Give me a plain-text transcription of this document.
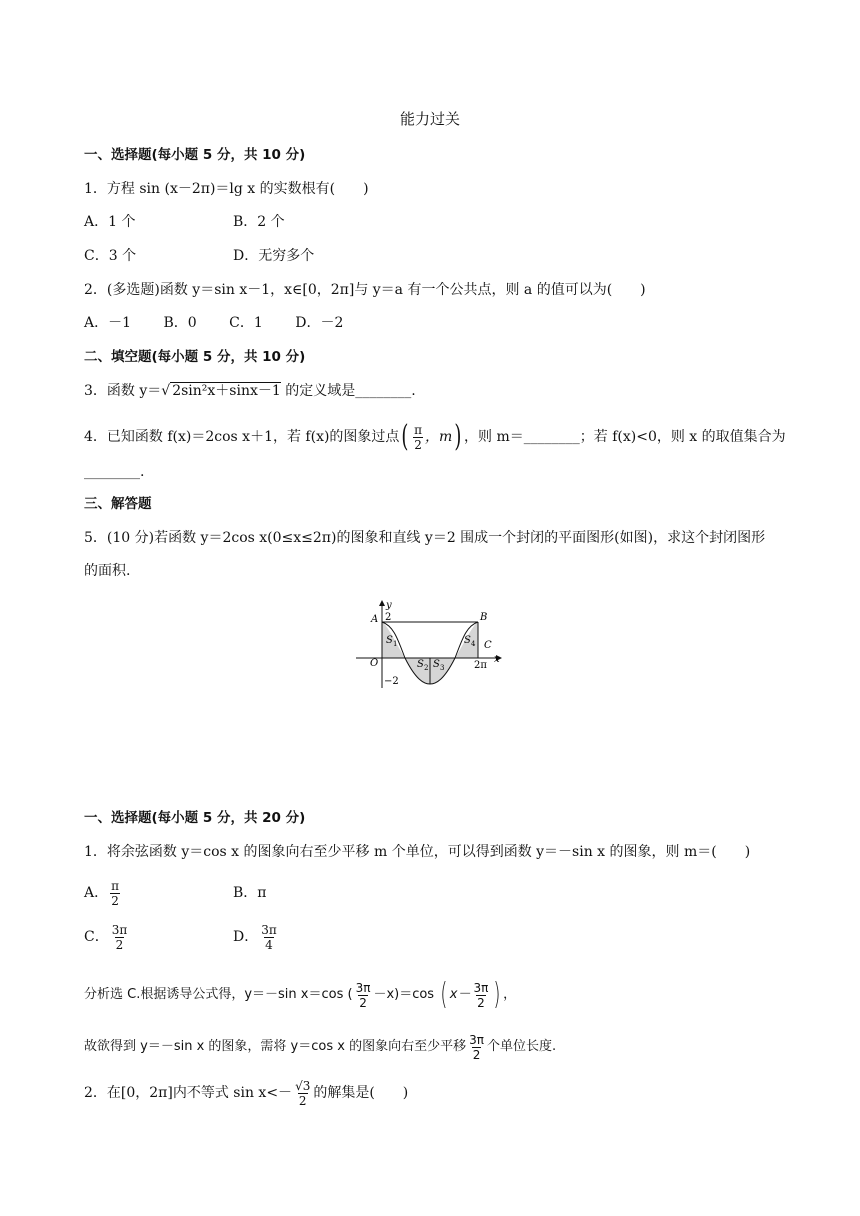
能力过关
一、选择题(每小题 5 分，共 10 分)
1．方程 sin (x－2π)＝lg x 的实数根有(　　)
A．1 个	B．2 个
C．3 个	D．无穷多个
2．(多选题)函数 y＝sin x－1，x∈[0，2π]与 y＝a 有一个公共点，则 a 的值可以为(　　)
A．－1 B．0 C．1 D．－2
二、填空题(每小题 5 分，共 10 分)
3．函数 y＝√ 2sin²x＋sinx－1 的定义域是________.
4．已知函数 f(x)＝2cos x＋1，若 f(x)的图象过点 ( $\frac{\pi}{2}$ ，m ) ，则 m＝________；若 f(x)<0，则 x 的取值集合为
________.
三、解答题
5．(10 分)若函数 y＝2cos x(0≤x≤2π)的图象和直线 y＝2 围成一个封闭的平面图形(如图)，求这个封闭图形
的面积.
y
A 2	B
C
x
O
−2
2π
S 1
S 2 S 3
S 4
一、选择题(每小题 5 分，共 20 分)
1．将余弦函数 y＝cos x 的图象向右至少平移 m 个单位，可以得到函数 y＝－sin x 的图象，则 m＝(　　)
A． $\frac{\pi}{2}$	B．π
C． $\frac{3\pi}{2}$	D． $\frac{3\pi}{4}$
分析选 C.根据诱导公式得，y＝－sin x＝cos ( $\frac{3\pi}{2} -x)=\cos$ ( $x- \frac{3\pi}{2}$ ) ，
故欲得到 y＝－sin x 的图象，需将 y＝cos x 的图象向右至少平移 $\frac{3\pi}{2}$ 个单位长度.
2．在[0，2π]内不等式 $\sin x<- \frac{√3}{2}$ 的解集是(　　)
